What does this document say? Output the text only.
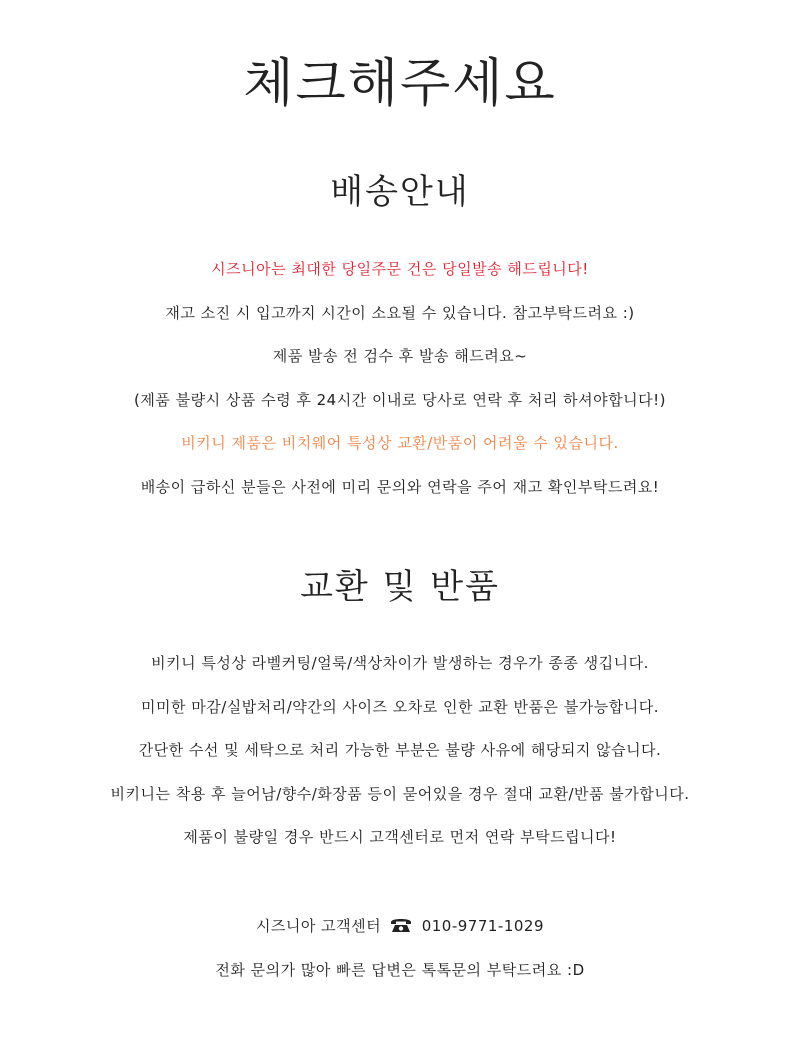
체크해주세요
배송안내
시즈니아는 최대한 당일주문 건은 당일발송 해드립니다!
재고 소진 시 입고까지 시간이 소요될 수 있습니다. 참고부탁드려요 :)
제품 발송 전 검수 후 발송 해드려요~
(제품 불량시 상품 수령 후 24시간 이내로 당사로 연락 후 처리 하셔야합니다!)
비키니 제품은 비치웨어 특성상 교환/반품이 어려울 수 있습니다.
배송이 급하신 분들은 사전에 미리 문의와 연락을 주어 재고 확인부탁드려요!
교환 및 반품
비키니 특성상 라벨커팅/얼룩/색상차이가 발생하는 경우가 종종 생깁니다.
미미한 마감/실밥처리/약간의 사이즈 오차로 인한 교환 반품은 불가능합니다.
간단한 수선 및 세탁으로 처리 가능한 부분은 불량 사유에 해당되지 않습니다.
비키니는 착용 후 늘어남/향수/화장품 등이 묻어있을 경우 절대 교환/반품 불가합니다.
제품이 불량일 경우 반드시 고객센터로 먼저 연락 부탁드립니다!
시즈니아 고객센터	010-9771-1029
전화 문의가 많아 빠른 답변은 톡톡문의 부탁드려요 :D
